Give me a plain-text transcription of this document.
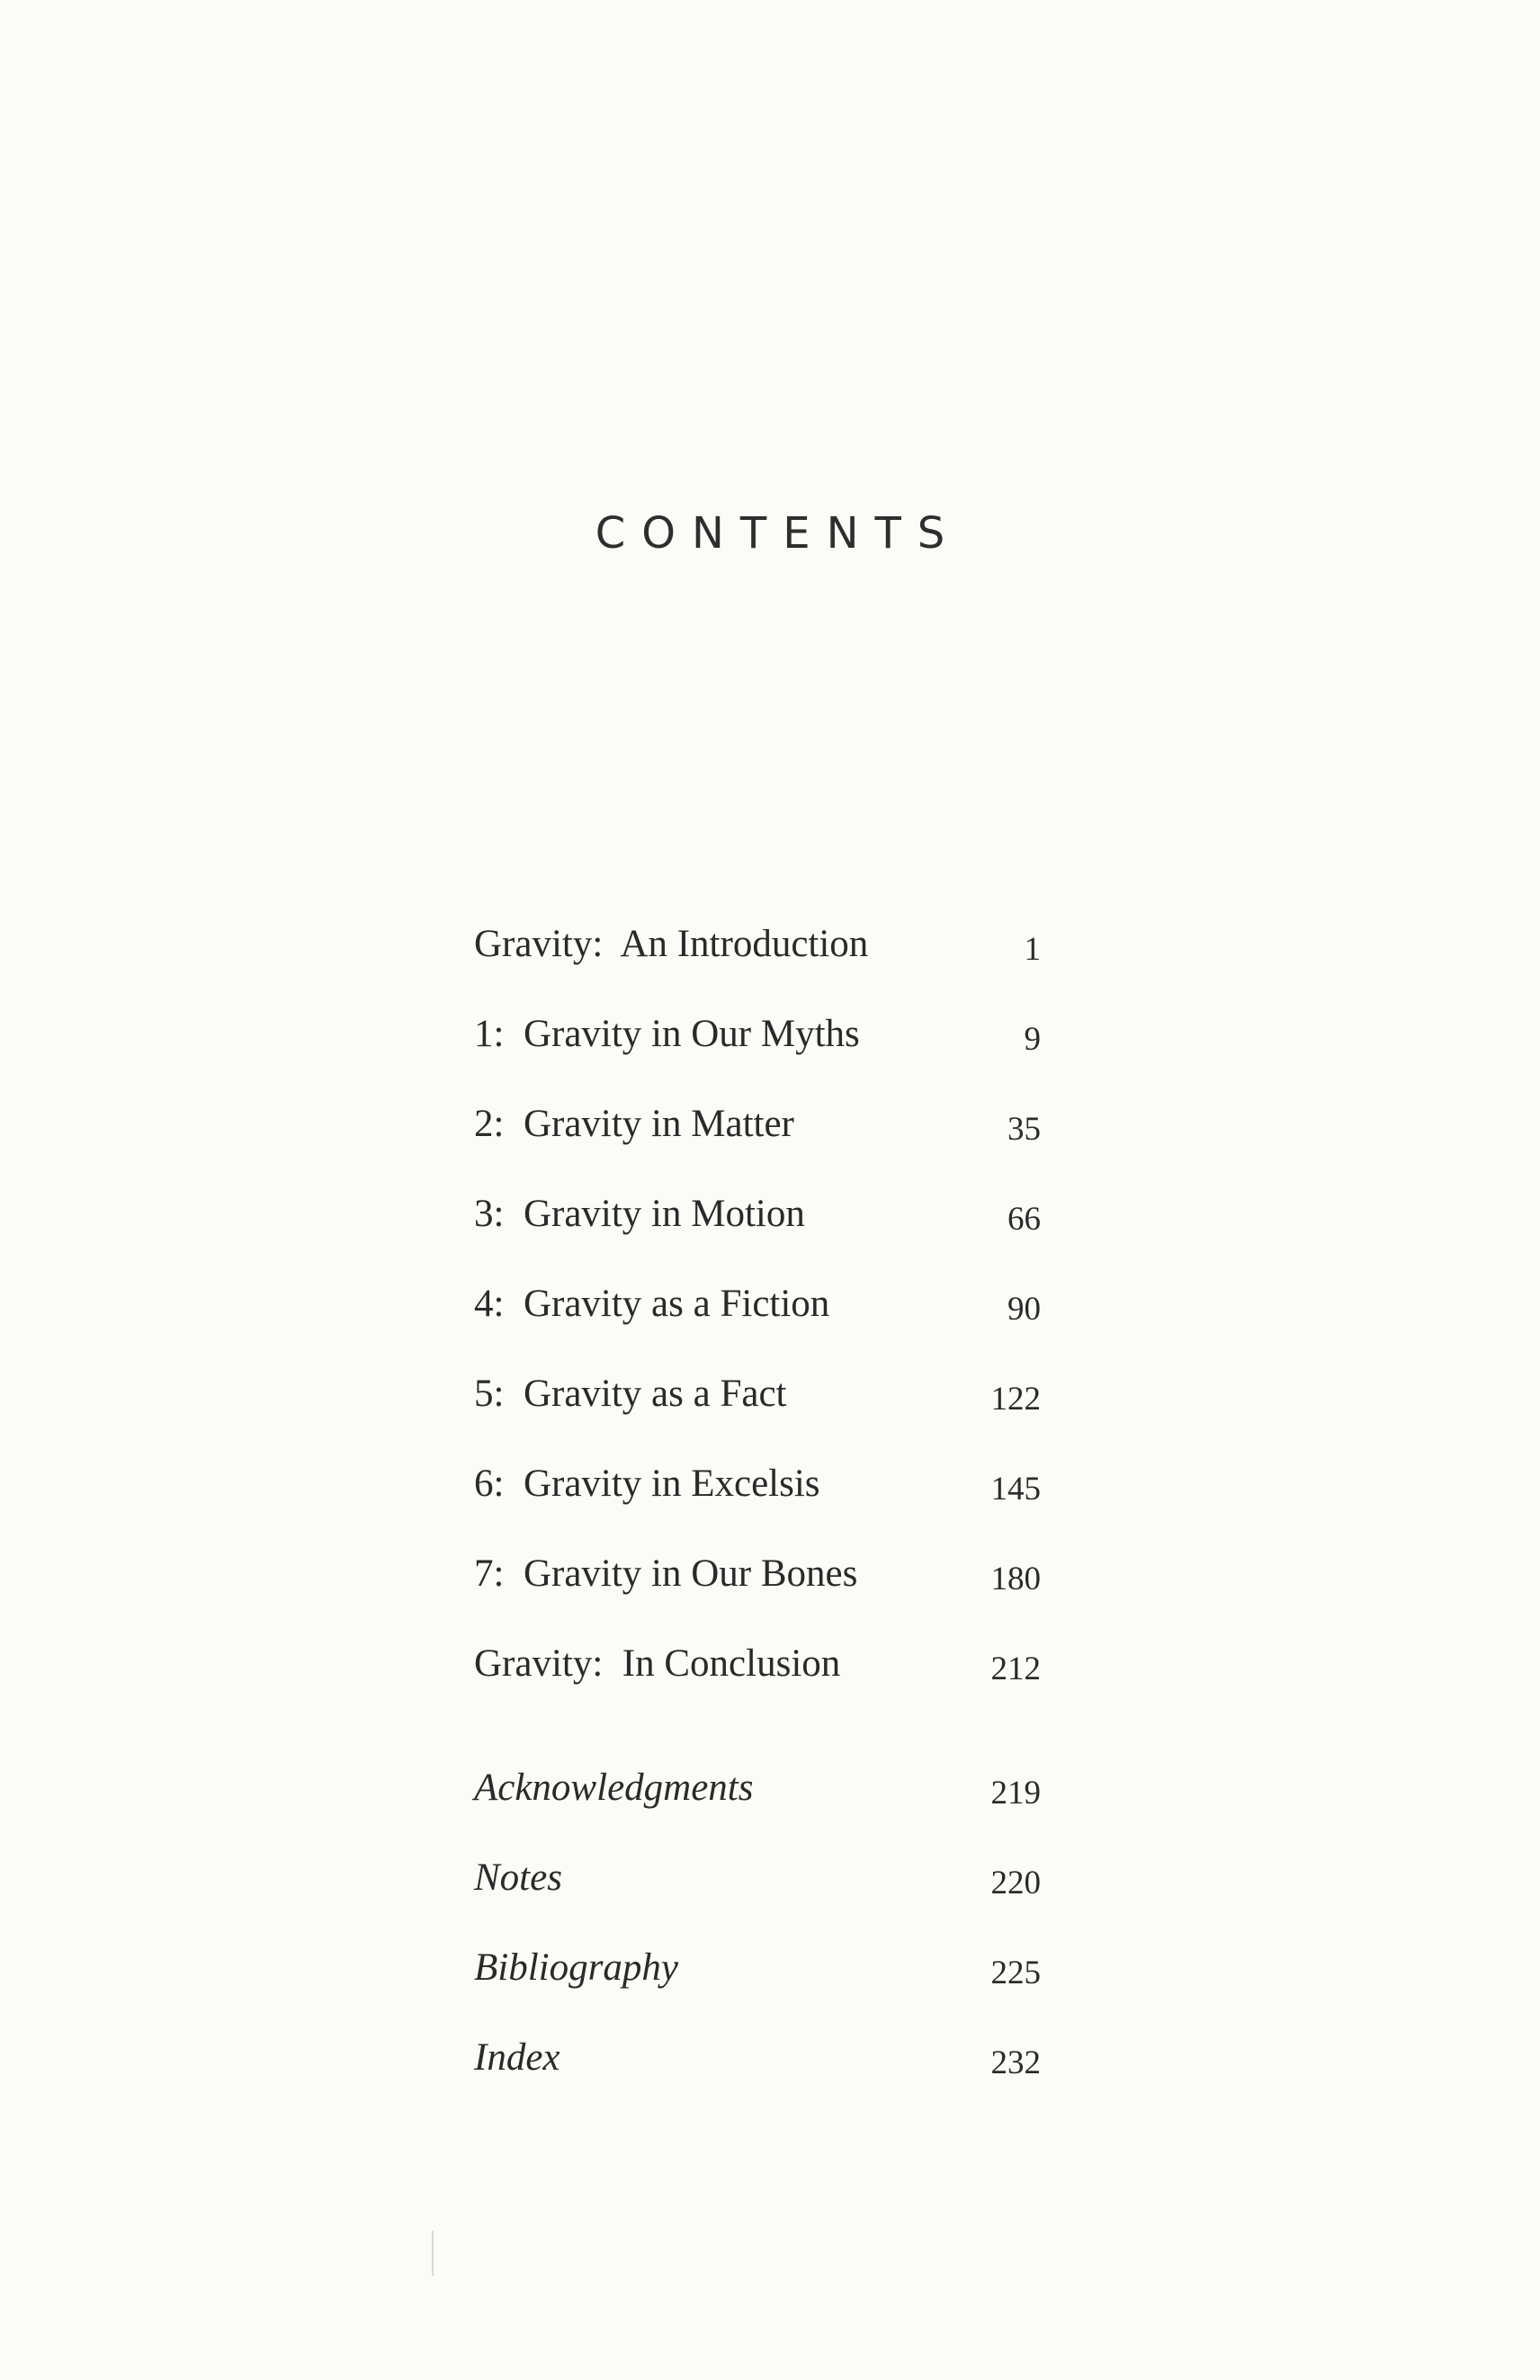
CONTENTS
Gravity:  An Introduction	1
1:  Gravity in Our Myths	9
2:  Gravity in Matter	35
3:  Gravity in Motion	66
4:  Gravity as a Fiction	90
5:  Gravity as a Fact	122
6:  Gravity in Excelsis	145
7:  Gravity in Our Bones	180
Gravity:  In Conclusion	212
Acknowledgments	219
Notes	220
Bibliography	225
Index	232
